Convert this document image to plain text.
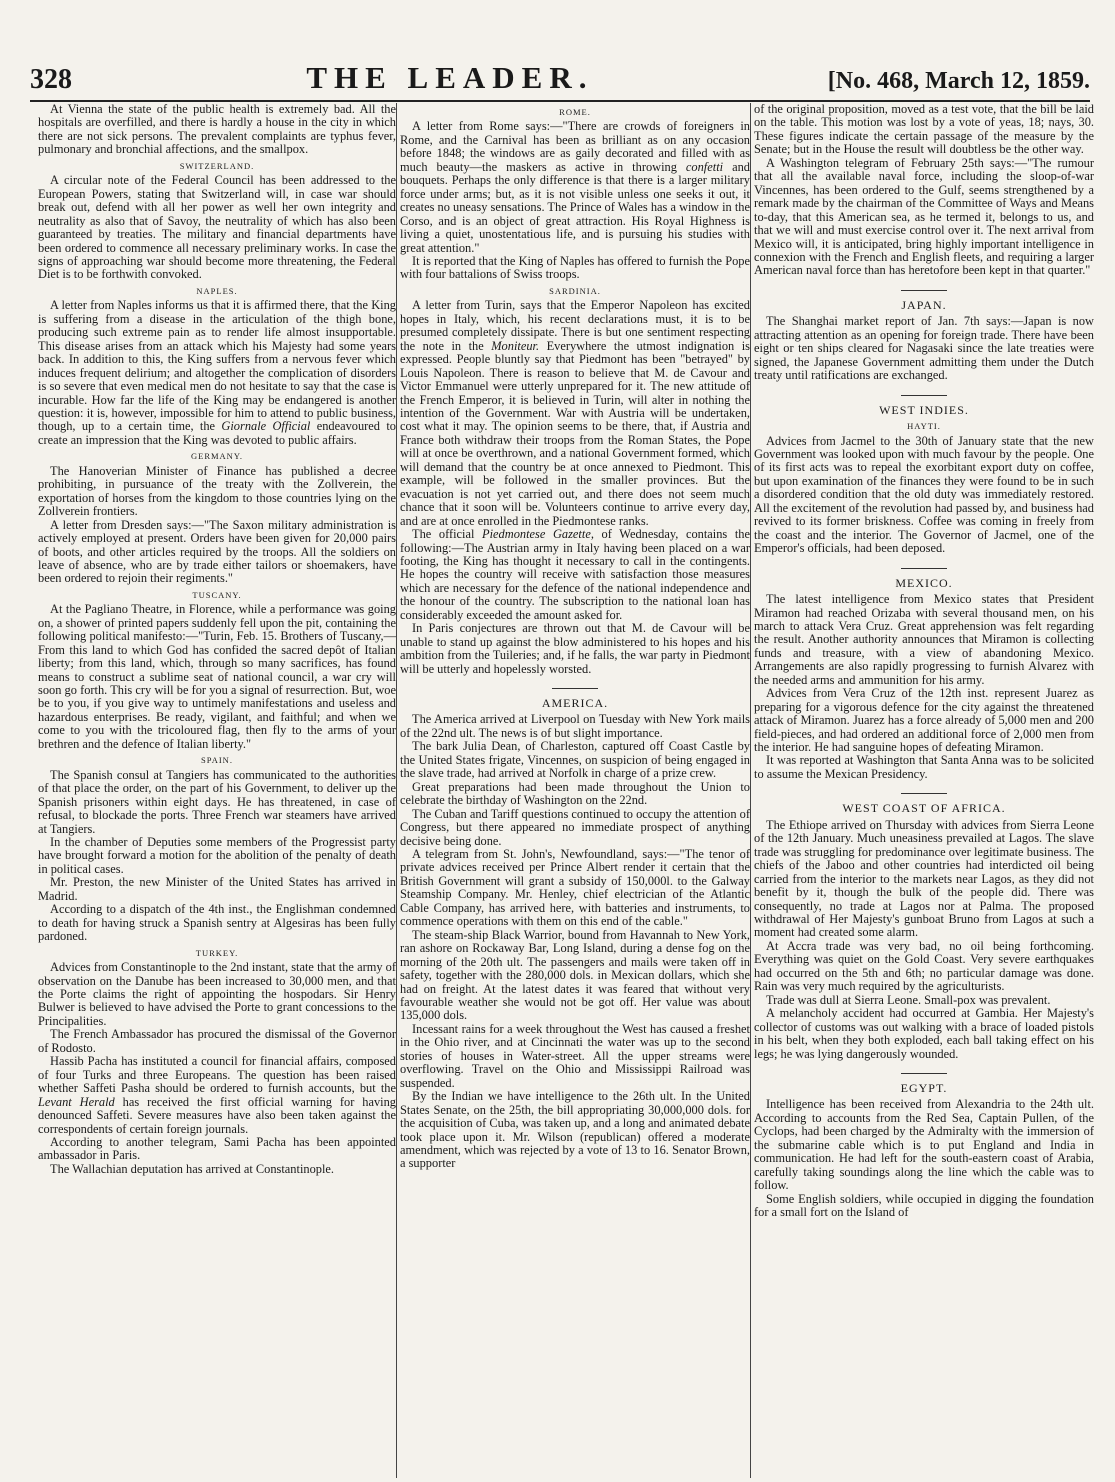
328	THE LEADER.	[No. 468, March 12, 1859.

At Vienna the state of the public health is extremely bad. All the hospitals are overfilled, and there is hardly a house in the city in which there are not sick persons. The prevalent complaints are typhus fever, pulmonary and bronchial affections, and the smallpox.

SWITZERLAND.

A circular note of the Federal Council has been addressed to the European Powers, stating that Switzerland will, in case war should break out, defend with all her power as well her own integrity and neutrality as also that of Savoy, the neutrality of which has also been guaranteed by treaties. The military and financial departments have been ordered to commence all necessary preliminary works. In case the signs of approaching war should become more threatening, the Federal Diet is to be forthwith convoked.

NAPLES.

A letter from Naples informs us that it is affirmed there, that the King is suffering from a disease in the articulation of the thigh bone, producing such extreme pain as to render life almost insupportable. This disease arises from an attack which his Majesty had some years back. In addition to this, the King suffers from a nervous fever which induces frequent delirium; and altogether the complication of disorders is so severe that even medical men do not hesitate to say that the case is incurable. How far the life of the King may be endangered is another question: it is, however, impossible for him to attend to public business, though, up to a certain time, the Giornale Official endeavoured to create an impression that the King was devoted to public affairs.

GERMANY.

The Hanoverian Minister of Finance has published a decree prohibiting, in pursuance of the treaty with the Zollverein, the exportation of horses from the kingdom to those countries lying on the Zollverein frontiers.

A letter from Dresden says:—"The Saxon military administration is actively employed at present. Orders have been given for 20,000 pairs of boots, and other articles required by the troops. All the soldiers on leave of absence, who are by trade either tailors or shoemakers, have been ordered to rejoin their regiments."

TUSCANY.

At the Pagliano Theatre, in Florence, while a performance was going on, a shower of printed papers suddenly fell upon the pit, containing the following political manifesto:—"Turin, Feb. 15. Brothers of Tuscany,—From this land to which God has confided the sacred depôt of Italian liberty; from this land, which, through so many sacrifices, has found means to construct a sublime seat of national council, a war cry will soon go forth. This cry will be for you a signal of resurrection. But, woe be to you, if you give way to untimely manifestations and useless and hazardous enterprises. Be ready, vigilant, and faithful; and when we come to you with the tricoloured flag, then fly to the arms of your brethren and the defence of Italian liberty."

SPAIN.

The Spanish consul at Tangiers has communicated to the authorities of that place the order, on the part of his Government, to deliver up the Spanish prisoners within eight days. He has threatened, in case of refusal, to blockade the ports. Three French war steamers have arrived at Tangiers.

In the chamber of Deputies some members of the Progressist party have brought forward a motion for the abolition of the penalty of death in political cases.

Mr. Preston, the new Minister of the United States has arrived in Madrid.

According to a dispatch of the 4th inst., the Englishman condemned to death for having struck a Spanish sentry at Algesiras has been fully pardoned.

TURKEY.

Advices from Constantinople to the 2nd instant, state that the army of observation on the Danube has been increased to 30,000 men, and that the Porte claims the right of appointing the hospodars. Sir Henry Bulwer is believed to have advised the Porte to grant concessions to the Principalities.

The French Ambassador has procured the dismissal of the Governor of Rodosto.

Hassib Pacha has instituted a council for financial affairs, composed of four Turks and three Europeans. The question has been raised whether Saffeti Pasha should be ordered to furnish accounts, but the Levant Herald has received the first official warning for having denounced Saffeti. Severe measures have also been taken against the correspondents of certain foreign journals.

According to another telegram, Sami Pacha has been appointed ambassador in Paris.

The Wallachian deputation has arrived at Constantinople.

ROME.

A letter from Rome says:—"There are crowds of foreigners in Rome, and the Carnival has been as brilliant as on any occasion before 1848; the windows are as gaily decorated and filled with as much beauty—the maskers as active in throwing confetti and bouquets. Perhaps the only difference is that there is a larger military force under arms; but, as it is not visible unless one seeks it out, it creates no uneasy sensations. The Prince of Wales has a window in the Corso, and is an object of great attraction. His Royal Highness is living a quiet, unostentatious life, and is pursuing his studies with great attention."

It is reported that the King of Naples has offered to furnish the Pope with four battalions of Swiss troops.

SARDINIA.

A letter from Turin, says that the Emperor Napoleon has excited hopes in Italy, which, his recent declarations must, it is to be presumed completely dissipate. There is but one sentiment respecting the note in the Moniteur. Everywhere the utmost indignation is expressed. People bluntly say that Piedmont has been "betrayed" by Louis Napoleon. There is reason to believe that M. de Cavour and Victor Emmanuel were utterly unprepared for it. The new attitude of the French Emperor, it is believed in Turin, will alter in nothing the intention of the Government. War with Austria will be undertaken, cost what it may. The opinion seems to be there, that, if Austria and France both withdraw their troops from the Roman States, the Pope will at once be overthrown, and a national Government formed, which will demand that the country be at once annexed to Piedmont. This example, will be followed in the smaller provinces. But the evacuation is not yet carried out, and there does not seem much chance that it soon will be. Volunteers continue to arrive every day, and are at once enrolled in the Piedmontese ranks.

The official Piedmontese Gazette, of Wednesday, contains the following:—The Austrian army in Italy having been placed on a war footing, the King has thought it necessary to call in the contingents. He hopes the country will receive with satisfaction those measures which are necessary for the defence of the national independence and the honour of the country. The subscription to the national loan has considerably exceeded the amount asked for.

In Paris conjectures are thrown out that M. de Cavour will be unable to stand up against the blow administered to his hopes and his ambition from the Tuileries; and, if he falls, the war party in Piedmont will be utterly and hopelessly worsted.

AMERICA.

The America arrived at Liverpool on Tuesday with New York mails of the 22nd ult. The news is of but slight importance.

The bark Julia Dean, of Charleston, captured off Coast Castle by the United States frigate, Vincennes, on suspicion of being engaged in the slave trade, had arrived at Norfolk in charge of a prize crew.

Great preparations had been made throughout the Union to celebrate the birthday of Washington on the 22nd.

The Cuban and Tariff questions continued to occupy the attention of Congress, but there appeared no immediate prospect of anything decisive being done.

A telegram from St. John's, Newfoundland, says:—"The tenor of private advices received per Prince Albert render it certain that the British Government will grant a subsidy of 150,000l. to the Galway Steamship Company. Mr. Henley, chief electrician of the Atlantic Cable Company, has arrived here, with batteries and instruments, to commence operations with them on this end of the cable."

The steam-ship Black Warrior, bound from Havannah to New York, ran ashore on Rockaway Bar, Long Island, during a dense fog on the morning of the 20th ult. The passengers and mails were taken off in safety, together with the 280,000 dols. in Mexican dollars, which she had on freight. At the latest dates it was feared that without very favourable weather she would not be got off. Her value was about 135,000 dols.

Incessant rains for a week throughout the West has caused a freshet in the Ohio river, and at Cincinnati the water was up to the second stories of houses in Water-street. All the upper streams were overflowing. Travel on the Ohio and Mississippi Railroad was suspended.

By the Indian we have intelligence to the 26th ult. In the United States Senate, on the 25th, the bill appropriating 30,000,000 dols. for the acquisition of Cuba, was taken up, and a long and animated debate took place upon it. Mr. Wilson (republican) offered a moderate amendment, which was rejected by a vote of 13 to 16. Senator Brown, a supporter

of the original proposition, moved as a test vote, that the bill be laid on the table. This motion was lost by a vote of yeas, 18; nays, 30. These figures indicate the certain passage of the measure by the Senate; but in the House the result will doubtless be the other way.

A Washington telegram of February 25th says:—"The rumour that all the available naval force, including the sloop-of-war Vincennes, has been ordered to the Gulf, seems strengthened by a remark made by the chairman of the Committee of Ways and Means to-day, that this American sea, as he termed it, belongs to us, and that we will and must exercise control over it. The next arrival from Mexico will, it is anticipated, bring highly important intelligence in connexion with the French and English fleets, and requiring a larger American naval force than has heretofore been kept in that quarter."

JAPAN.

The Shanghai market report of Jan. 7th says:—Japan is now attracting attention as an opening for foreign trade. There have been eight or ten ships cleared for Nagasaki since the late treaties were signed, the Japanese Government admitting them under the Dutch treaty until ratifications are exchanged.

WEST INDIES.
HAYTI.

Advices from Jacmel to the 30th of January state that the new Government was looked upon with much favour by the people. One of its first acts was to repeal the exorbitant export duty on coffee, but upon examination of the finances they were found to be in such a disordered condition that the old duty was immediately restored. All the excitement of the revolution had passed by, and business had revived to its former briskness. Coffee was coming in freely from the coast and the interior. The Governor of Jacmel, one of the Emperor's officials, had been deposed.

MEXICO.

The latest intelligence from Mexico states that President Miramon had reached Orizaba with several thousand men, on his march to attack Vera Cruz. Great apprehension was felt regarding the result. Another authority announces that Miramon is collecting funds and treasure, with a view of abandoning Mexico. Arrangements are also rapidly progressing to furnish Alvarez with the needed arms and ammunition for his army.

Advices from Vera Cruz of the 12th inst. represent Juarez as preparing for a vigorous defence for the city against the threatened attack of Miramon. Juarez has a force already of 5,000 men and 200 field-pieces, and had ordered an additional force of 2,000 men from the interior. He had sanguine hopes of defeating Miramon.

It was reported at Washington that Santa Anna was to be solicited to assume the Mexican Presidency.

WEST COAST OF AFRICA.

The Ethiope arrived on Thursday with advices from Sierra Leone of the 12th January. Much uneasiness prevailed at Lagos. The slave trade was struggling for predominance over legitimate business. The chiefs of the Jaboo and other countries had interdicted oil being carried from the interior to the markets near Lagos, as they did not benefit by it, though the bulk of the people did. There was consequently, no trade at Lagos nor at Palma. The proposed withdrawal of Her Majesty's gunboat Bruno from Lagos at such a moment had created some alarm.

At Accra trade was very bad, no oil being forthcoming. Everything was quiet on the Gold Coast. Very severe earthquakes had occurred on the 5th and 6th; no particular damage was done. Rain was very much required by the agriculturists.

Trade was dull at Sierra Leone. Small-pox was prevalent.

A melancholy accident had occurred at Gambia. Her Majesty's collector of customs was out walking with a brace of loaded pistols in his belt, when they both exploded, each ball taking effect on his legs; he was lying dangerously wounded.

EGYPT.

Intelligence has been received from Alexandria to the 24th ult. According to accounts from the Red Sea, Captain Pullen, of the Cyclops, had been charged by the Admiralty with the immersion of the submarine cable which is to put England and India in communication. He had left for the south-eastern coast of Arabia, carefully taking soundings along the line which the cable was to follow.

Some English soldiers, while occupied in digging the foundation for a small fort on the Island of
